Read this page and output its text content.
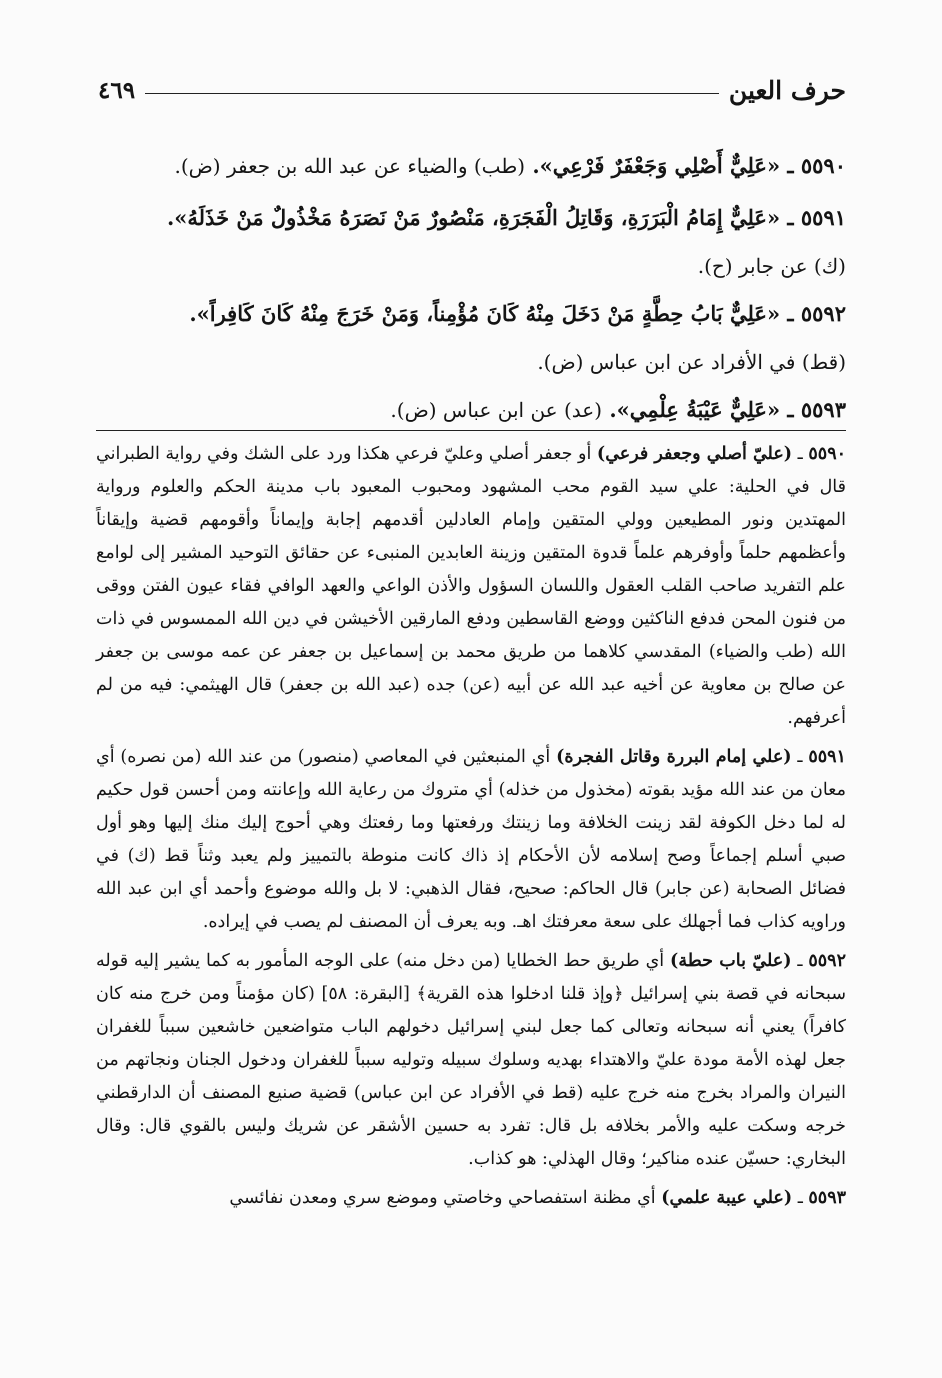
حرف العين
٤٦٩
٥٥٩٠ ـ «عَلِيٌّ أَصْلِي وَجَعْفَرٌ فَرْعِي». (طب) والضياء عن عبد الله بن جعفر (ض).
٥٥٩١ ـ «عَلِيٌّ إِمَامُ الْبَرَرَةِ، وَقَاتِلُ الْفَجَرَةِ، مَنْصُورٌ مَنْ نَصَرَهُ مَخْذُولٌ مَنْ خَذَلَهُ».
(ك) عن جابر (ح).
٥٥٩٢ ـ «عَلِيٌّ بَابُ حِطَّةٍ مَنْ دَخَلَ مِنْهُ كَانَ مُؤْمِناً، وَمَنْ خَرَجَ مِنْهُ كَانَ كَافِراً».
(قط) في الأفراد عن ابن عباس (ض).
٥٥٩٣ ـ «عَلِيٌّ عَيْبَةُ عِلْمِي». (عد) عن ابن عباس (ض).

٥٥٩٠ ـ (عليّ أصلي وجعفر فرعي) أو جعفر أصلي وعليّ فرعي هكذا ورد على الشك وفي رواية الطبراني قال في الحلية: علي سيد القوم محب المشهود ومحبوب المعبود باب مدينة الحكم والعلوم ورواية المهتدين ونور المطيعين وولي المتقين وإمام العادلين أقدمهم إجابة وإيماناً وأقومهم قضية وإيقاناً وأعظمهم حلماً وأوفرهم علماً قدوة المتقين وزينة العابدين المنبىء عن حقائق التوحيد المشير إلى لوامع علم التفريد صاحب القلب العقول واللسان السؤول والأذن الواعي والعهد الوافي فقاء عيون الفتن ووقى من فنون المحن فدفع الناكثين ووضع القاسطين ودفع المارقين الأخيشن في دين الله الممسوس في ذات الله (طب والضياء) المقدسي كلاهما من طريق محمد بن إسماعيل بن جعفر عن عمه موسى بن جعفر عن صالح بن معاوية عن أخيه عبد الله عن أبيه (عن) جده (عبد الله بن جعفر) قال الهيثمي: فيه من لم أعرفهم.

٥٥٩١ ـ (علي إمام البررة وقاتل الفجرة) أي المنبعثين في المعاصي (منصور) من عند الله (من نصره) أي معان من عند الله مؤيد بقوته (مخذول من خذله) أي متروك من رعاية الله وإعانته ومن أحسن قول حكيم له لما دخل الكوفة لقد زينت الخلافة وما زينتك ورفعتها وما رفعتك وهي أحوج إليك منك إليها وهو أول صبي أسلم إجماعاً وصح إسلامه لأن الأحكام إذ ذاك كانت منوطة بالتمييز ولم يعبد وثناً قط (ك) في فضائل الصحابة (عن جابر) قال الحاكم: صحيح، فقال الذهبي: لا بل والله موضوع وأحمد أي ابن عبد الله وراويه كذاب فما أجهلك على سعة معرفتك اهـ. وبه يعرف أن المصنف لم يصب في إيراده.

٥٥٩٢ ـ (عليّ باب حطة) أي طريق حط الخطايا (من دخل منه) على الوجه المأمور به كما يشير إليه قوله سبحانه في قصة بني إسرائيل ﴿وإذ قلنا ادخلوا هذه القرية﴾ [البقرة: ٥٨] (كان مؤمناً ومن خرج منه كان كافراً) يعني أنه سبحانه وتعالى كما جعل لبني إسرائيل دخولهم الباب متواضعين خاشعين سبباً للغفران جعل لهذه الأمة مودة عليّ والاهتداء بهديه وسلوك سبيله وتوليه سبباً للغفران ودخول الجنان ونجاتهم من النيران والمراد بخرج منه خرج عليه (قط في الأفراد عن ابن عباس) قضية صنيع المصنف أن الدارقطني خرجه وسكت عليه والأمر بخلافه بل قال: تفرد به حسين الأشقر عن شريك وليس بالقوي قال: وقال البخاري: حسيّن عنده مناكير؛ وقال الهذلي: هو كذاب.

٥٥٩٣ ـ (علي عيبة علمي) أي مظنة استفصاحي وخاصتي وموضع سري ومعدن نفائسي
